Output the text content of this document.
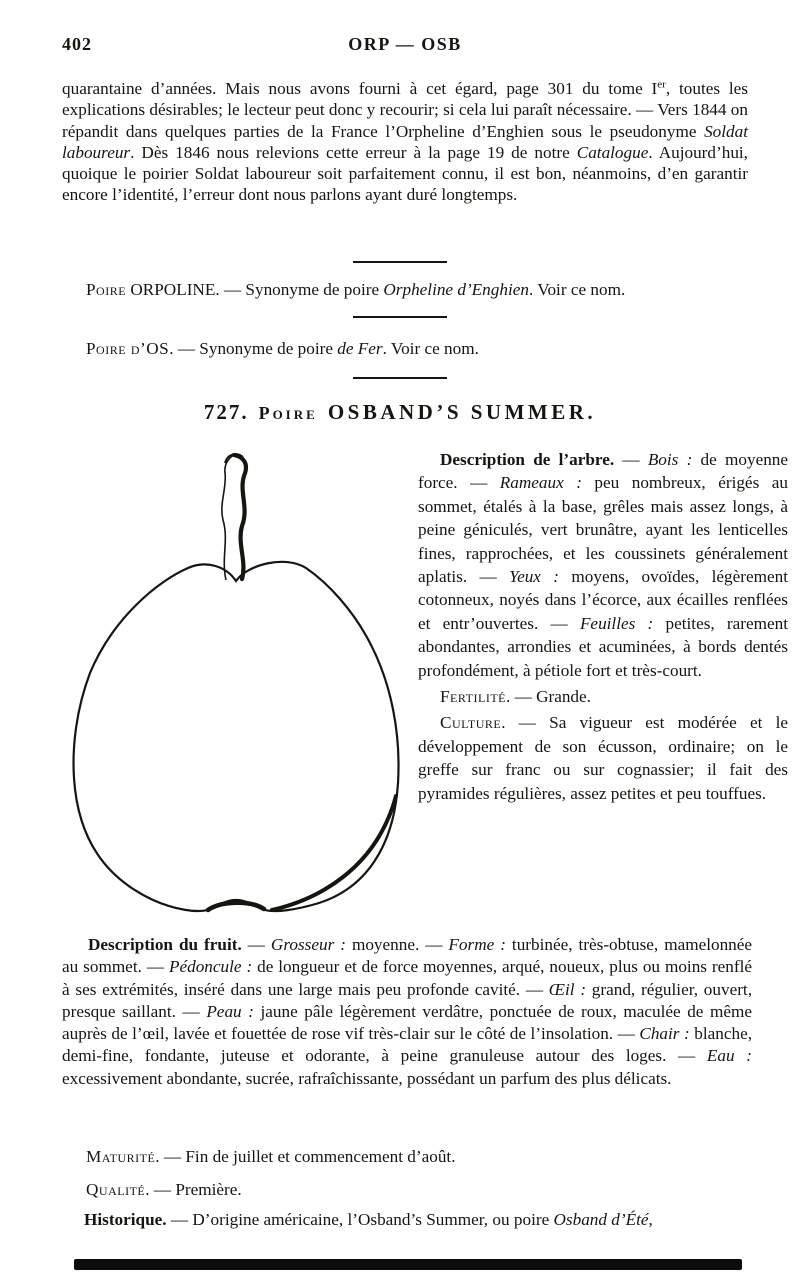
402	ORP — OSB

quarantaine d’années. Mais nous avons fourni à cet égard, page 301 du tome Ier, toutes les explications désirables; le lecteur peut donc y recourir; si cela lui paraît nécessaire. — Vers 1844 on répandit dans quelques parties de la France l’Orpheline d’Enghien sous le pseudonyme Soldat laboureur. Dès 1846 nous relevions cette erreur à la page 19 de notre Catalogue. Aujourd’hui, quoique le poirier Soldat laboureur soit parfaitement connu, il est bon, néanmoins, d’en garantir encore l’identité, l’erreur dont nous parlons ayant duré longtemps.

Poire ORPOLINE. — Synonyme de poire Orpheline d’Enghien. Voir ce nom.

Poire d’OS. — Synonyme de poire de Fer. Voir ce nom.

727. Poire OSBAND’S SUMMER.

Description de l’arbre. — Bois : de moyenne force. — Rameaux : peu nombreux, érigés au sommet, étalés à la base, grêles mais assez longs, à peine géniculés, vert brunâtre, ayant les lenticelles fines, rapprochées, et les coussinets généralement aplatis. — Yeux : moyens, ovoïdes, légèrement cotonneux, noyés dans l’écorce, aux écailles renflées et entr’ouvertes. — Feuilles : petites, rarement abondantes, arrondies et acuminées, à bords dentés profondément, à pétiole fort et très-court.

Fertilité. — Grande.

Culture. — Sa vigueur est modérée et le développement de son écusson, ordinaire; on le greffe sur franc ou sur cognassier; il fait des pyramides régulières, assez petites et peu touffues.

Description du fruit. — Grosseur : moyenne. — Forme : turbinée, très-obtuse, mamelonnée au sommet. — Pédoncule : de longueur et de force moyennes, arqué, noueux, plus ou moins renflé à ses extrémités, inséré dans une large mais peu profonde cavité. — Œil : grand, régulier, ouvert, presque saillant. — Peau : jaune pâle légèrement verdâtre, ponctuée de roux, maculée de même auprès de l’œil, lavée et fouettée de rose vif très-clair sur le côté de l’insolation. — Chair : blanche, demi-fine, fondante, juteuse et odorante, à peine granuleuse autour des loges. — Eau : excessivement abondante, sucrée, rafraîchissante, possédant un parfum des plus délicats.

Maturité. — Fin de juillet et commencement d’août.

Qualité. — Première.

Historique. — D’origine américaine, l’Osband’s Summer, ou poire Osband d’Été,
